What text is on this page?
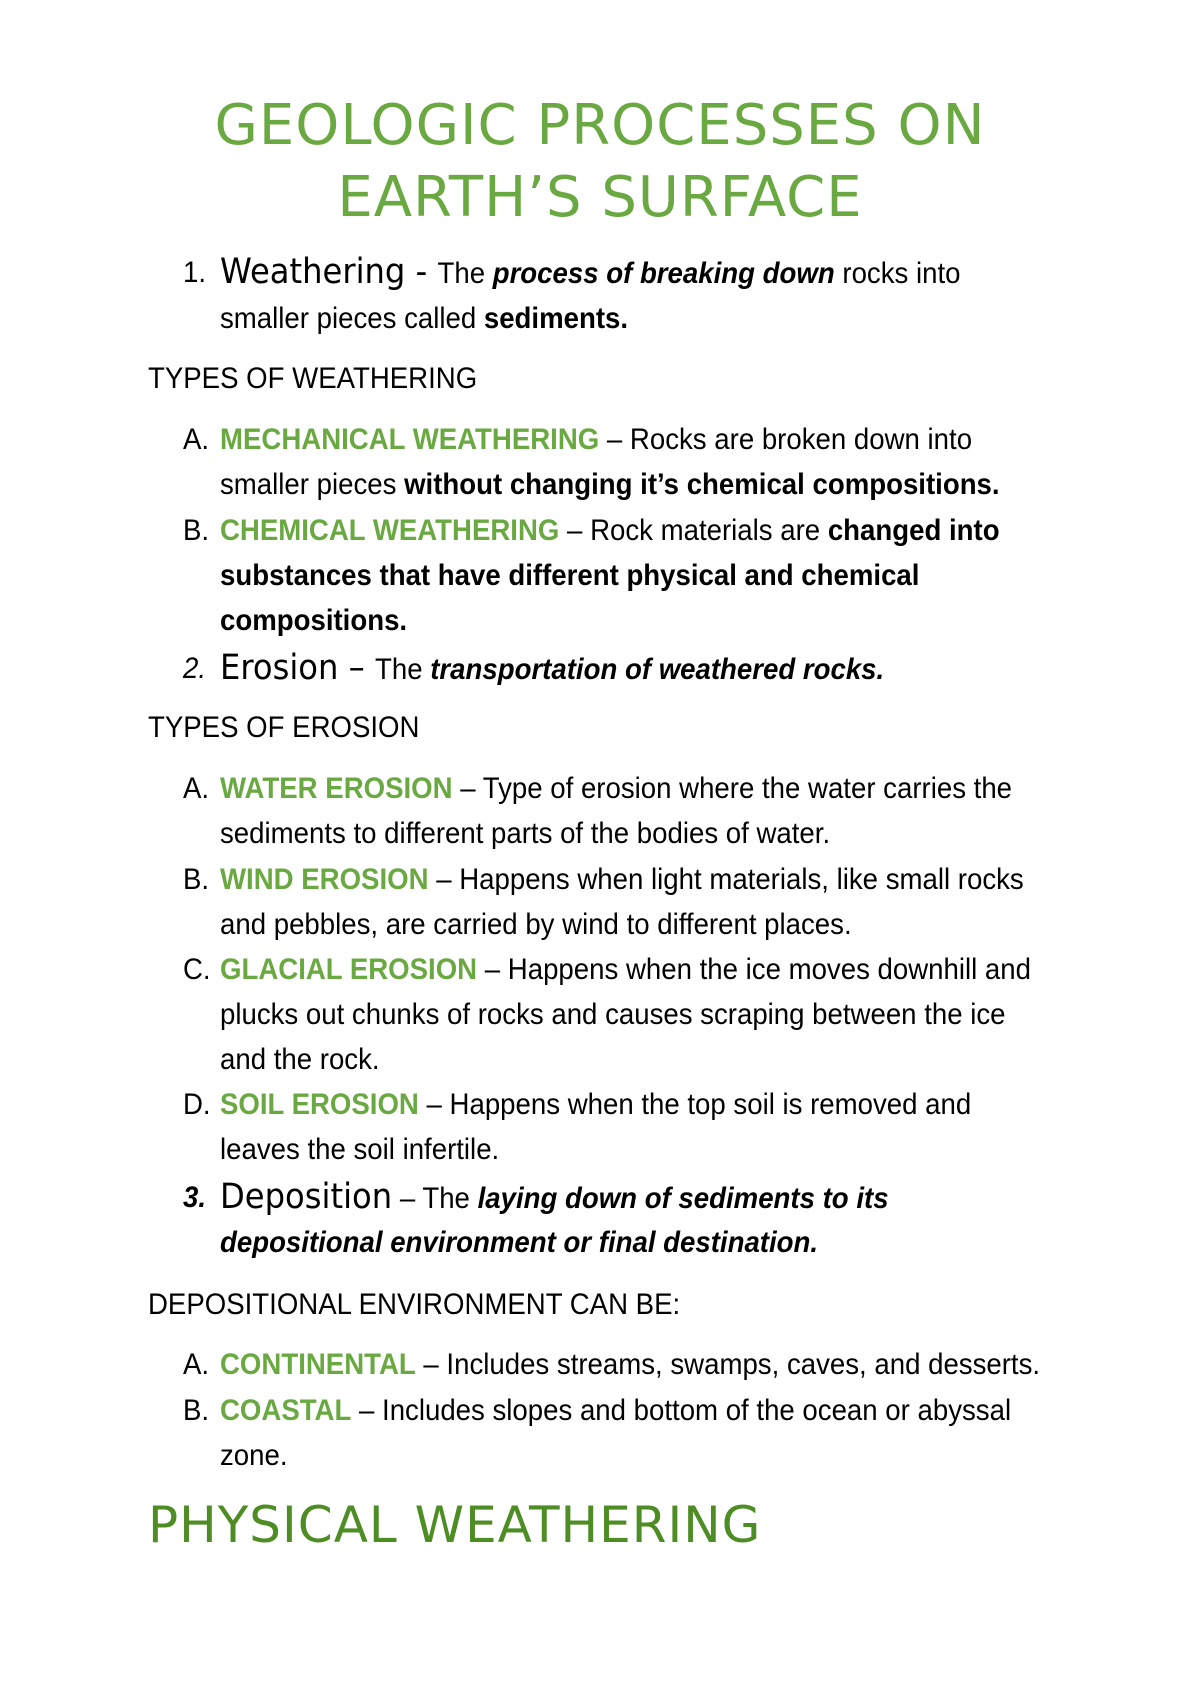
GEOLOGIC PROCESSES ON
EARTH’S SURFACE
1. Weathering - The process of breaking down rocks into
smaller pieces called sediments.
TYPES OF WEATHERING
A. MECHANICAL WEATHERING – Rocks are broken down into
smaller pieces without changing it’s chemical compositions.
B. CHEMICAL WEATHERING – Rock materials are changed into
substances that have different physical and chemical
compositions.
2. Erosion – The transportation of weathered rocks.
TYPES OF EROSION
A. WATER EROSION – Type of erosion where the water carries the
sediments to different parts of the bodies of water.
B. WIND EROSION – Happens when light materials, like small rocks
and pebbles, are carried by wind to different places.
C. GLACIAL EROSION – Happens when the ice moves downhill and
plucks out chunks of rocks and causes scraping between the ice
and the rock.
D. SOIL EROSION – Happens when the top soil is removed and
leaves the soil infertile.
3. Deposition – The laying down of sediments to its
depositional environment or final destination.
DEPOSITIONAL ENVIRONMENT CAN BE:
A. CONTINENTAL – Includes streams, swamps, caves, and desserts.
B. COASTAL – Includes slopes and bottom of the ocean or abyssal
zone.
PHYSICAL WEATHERING
